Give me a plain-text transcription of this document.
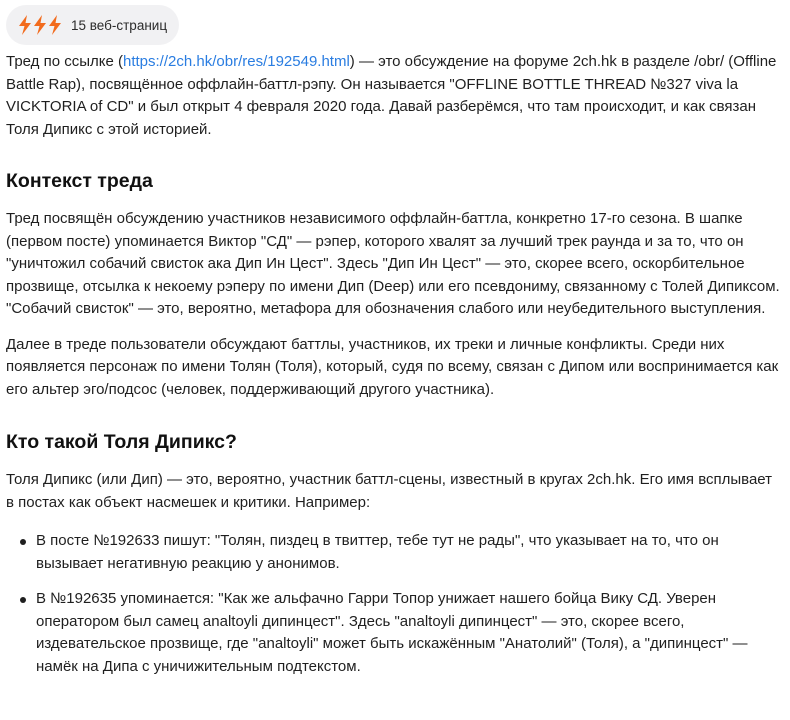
15 веб-страниц

Тред по ссылке (https://2ch.hk/obr/res/192549.html) — это обсуждение на форуме 2ch.hk в разделе /obr/ (Offline Battle Rap), посвящённое оффлайн-баттл-рэпу. Он называется "OFFLINE BOTTLE THREAD №327 viva la VICKTORIA of CD" и был открыт 4 февраля 2020 года. Давай разберёмся, что там происходит, и как связан Толя Дипикс с этой историей.

Контекст треда

Тред посвящён обсуждению участников независимого оффлайн-баттла, конкретно 17-го сезона. В шапке (первом посте) упоминается Виктор "СД" — рэпер, которого хвалят за лучший трек раунда и за то, что он "уничтожил собачий свисток ака Дип Ин Цест". Здесь "Дип Ин Цест" — это, скорее всего, оскорбительное прозвище, отсылка к некоему рэперу по имени Дип (Deep) или его псевдониму, связанному с Толей Дипиксом. "Собачий свисток" — это, вероятно, метафора для обозначения слабого или неубедительного выступления.

Далее в треде пользователи обсуждают баттлы, участников, их треки и личные конфликты. Среди них появляется персонаж по имени Толян (Толя), который, судя по всему, связан с Дипом или воспринимается как его альтер эго/подсос (человек, поддерживающий другого участника).

Кто такой Толя Дипикс?

Толя Дипикс (или Дип) — это, вероятно, участник баттл-сцены, известный в кругах 2ch.hk. Его имя всплывает в постах как объект насмешек и критики. Например:

В посте №192633 пишут: "Толян, пиздец в твиттер, тебе тут не рады", что указывает на то, что он вызывает негативную реакцию у анонимов.
В №192635 упоминается: "Как же альфачно Гарри Топор унижает нашего бойца Вику СД. Уверен оператором был самец analtoyli дипинцест". Здесь "analtoyli дипинцест" — это, скорее всего, издевательское прозвище, где "analtoyli" может быть искажённым "Анатолий" (Толя), а "дипинцест" — намёк на Дипа с уничижительным подтекстом.
